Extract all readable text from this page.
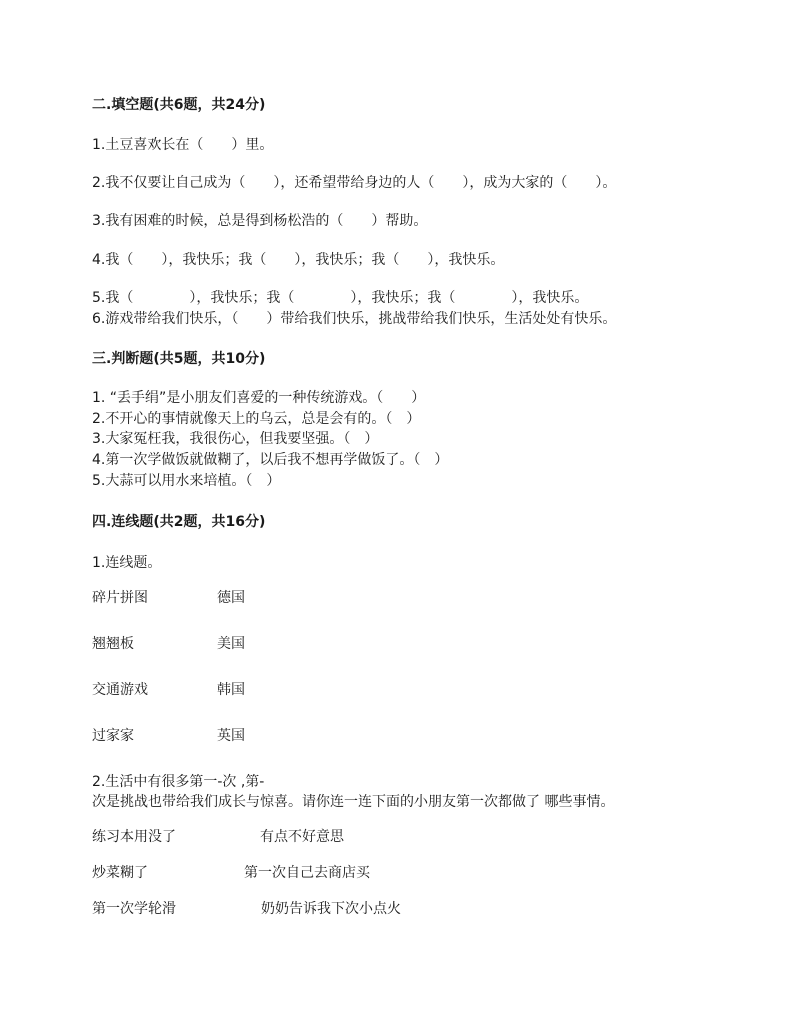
二.填空题(共6题，共24分)
1.土豆喜欢长在（　　）里。
2.我不仅要让自己成为（　　），还希望带给身边的人（　　），成为大家的（　　）。
3.我有困难的时候，总是得到杨松浩的（　　）帮助。
4.我（　　），我快乐；我（　　），我快乐；我（　　），我快乐。
5.我（　　　　），我快乐；我（　　　　），我快乐；我（　　　　），我快乐。
6.游戏带给我们快乐，（　　）带给我们快乐，挑战带给我们快乐，生活处处有快乐。
三.判断题(共5题，共10分)
1. “丢手绢”是小朋友们喜爱的一种传统游戏。（　　）
2.不开心的事情就像天上的乌云，总是会有的。（　）
3.大家冤枉我，我很伤心，但我要坚强。（　）
4.第一次学做饭就做糊了，以后我不想再学做饭了。（　）
5.大蒜可以用水来培植。（　）
四.连线题(共2题，共16分)
1.连线题。
碎片拼图	德国
翘翘板	美国
交通游戏	韩国
过家家	英国
2.生活中有很多第一-次 ,第-
次是挑战也带给我们成长与惊喜。请你连一连下面的小朋友第一次都做了 哪些事情。
练习本用没了	有点不好意思
炒菜糊了	第一次自己去商店买
第一次学轮滑	奶奶告诉我下次小点火
